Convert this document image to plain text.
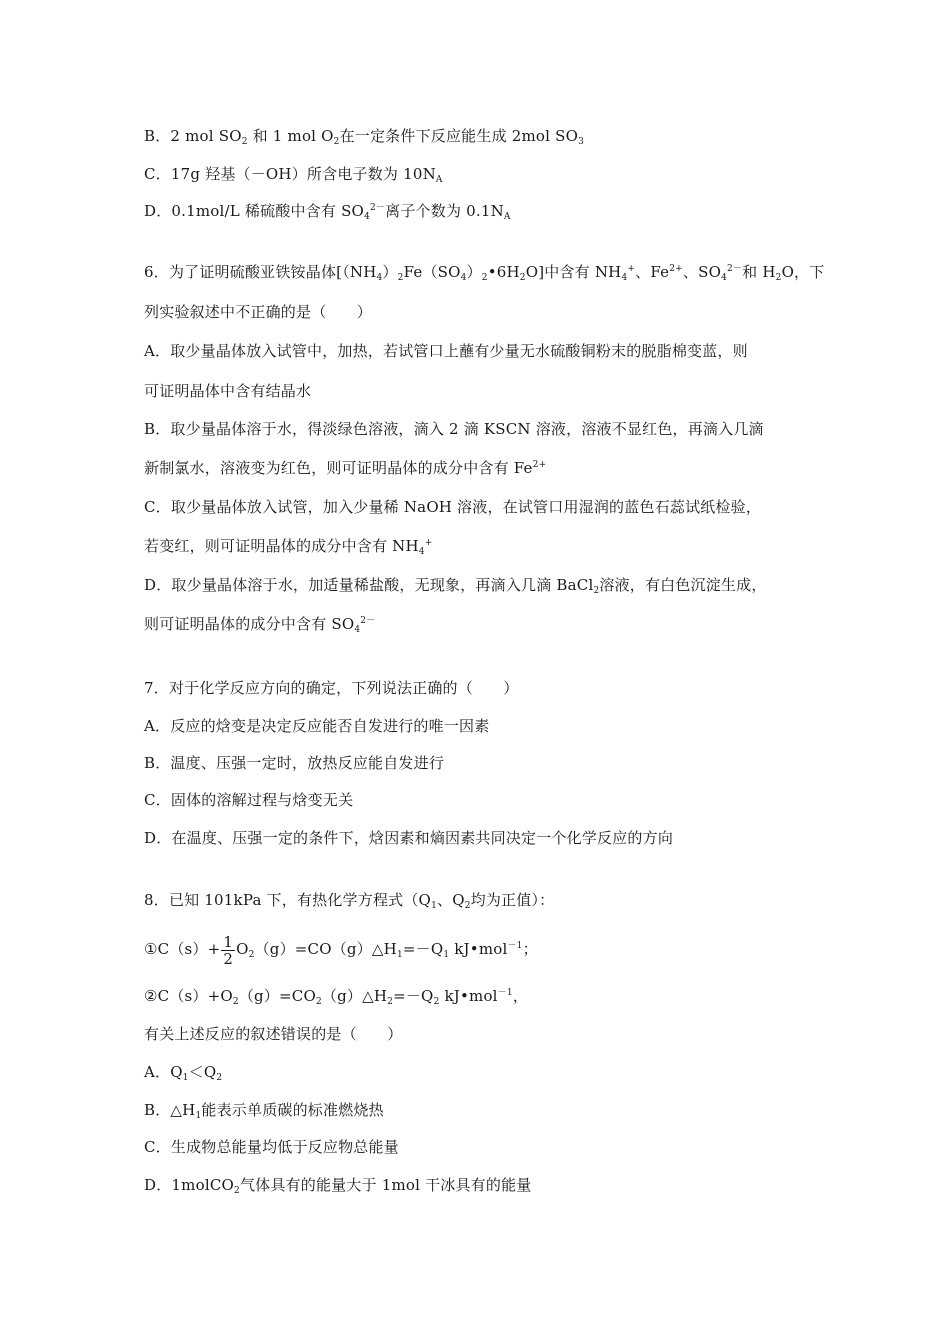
B．2 mol $SO_2$ 和 1 mol $O_2$在一定条件下反应能生成 2mol $SO_3$
C．17g 羟基（－OH）所含电子数为 $10N_A$
D．0.1mol/L 稀硫酸中含有 $SO_4^{2-}$离子个数为 $0.1N_A$
6．为了证明硫酸亚铁铵晶体$[(NH_4)_2Fe(SO_4)_2•6H_2O]$中含有 $NH_4^+$、$Fe^{2+}$、$SO_4^{2-}$和 $H_2O$，下
列实验叙述中不正确的是（　　）
A．取少量晶体放入试管中，加热，若试管口上蘸有少量无水硫酸铜粉末的脱脂棉变蓝，则
可证明晶体中含有结晶水
B．取少量晶体溶于水，得淡绿色溶液，滴入 2 滴 KSCN 溶液，溶液不显红色，再滴入几滴
新制氯水，溶液变为红色，则可证明晶体的成分中含有 $Fe^{2+}$
C．取少量晶体放入试管，加入少量稀 NaOH 溶液，在试管口用湿润的蓝色石蕊试纸检验，
若变红，则可证明晶体的成分中含有 $NH_4^+$
D．取少量晶体溶于水，加适量稀盐酸，无现象，再滴入几滴 BaCl$_2$溶液，有白色沉淀生成，
则可证明晶体的成分中含有 $SO_4^{2-}$
7．对于化学反应方向的确定，下列说法正确的（　　）
A．反应的焓变是决定反应能否自发进行的唯一因素
B．温度、压强一定时，放热反应能自发进行
C．固体的溶解过程与焓变无关
D．在温度、压强一定的条件下，焓因素和熵因素共同决定一个化学反应的方向
8．已知 101kPa 下，有热化学方程式（$Q_1$、$Q_2$均为正值）：
①C（s）+ $\frac{1}{2}$ $O_2(g)=CO(g)\triangle H_1=-Q_1$ kJ•mol$^{-1}$；
$②C(s)+O_2(g)=CO_2(g)\triangle H_2=-Q_2$ kJ•mol$^{-1}$，
有关上述反应的叙述错误的是（　　）
A．$Q_1<Q_2$
B．$\triangle H_1$能表示单质碳的标准燃烧热
C．生成物总能量均低于反应物总能量
D．1molCO$_2$气体具有的能量大于 1mol 干冰具有的能量
